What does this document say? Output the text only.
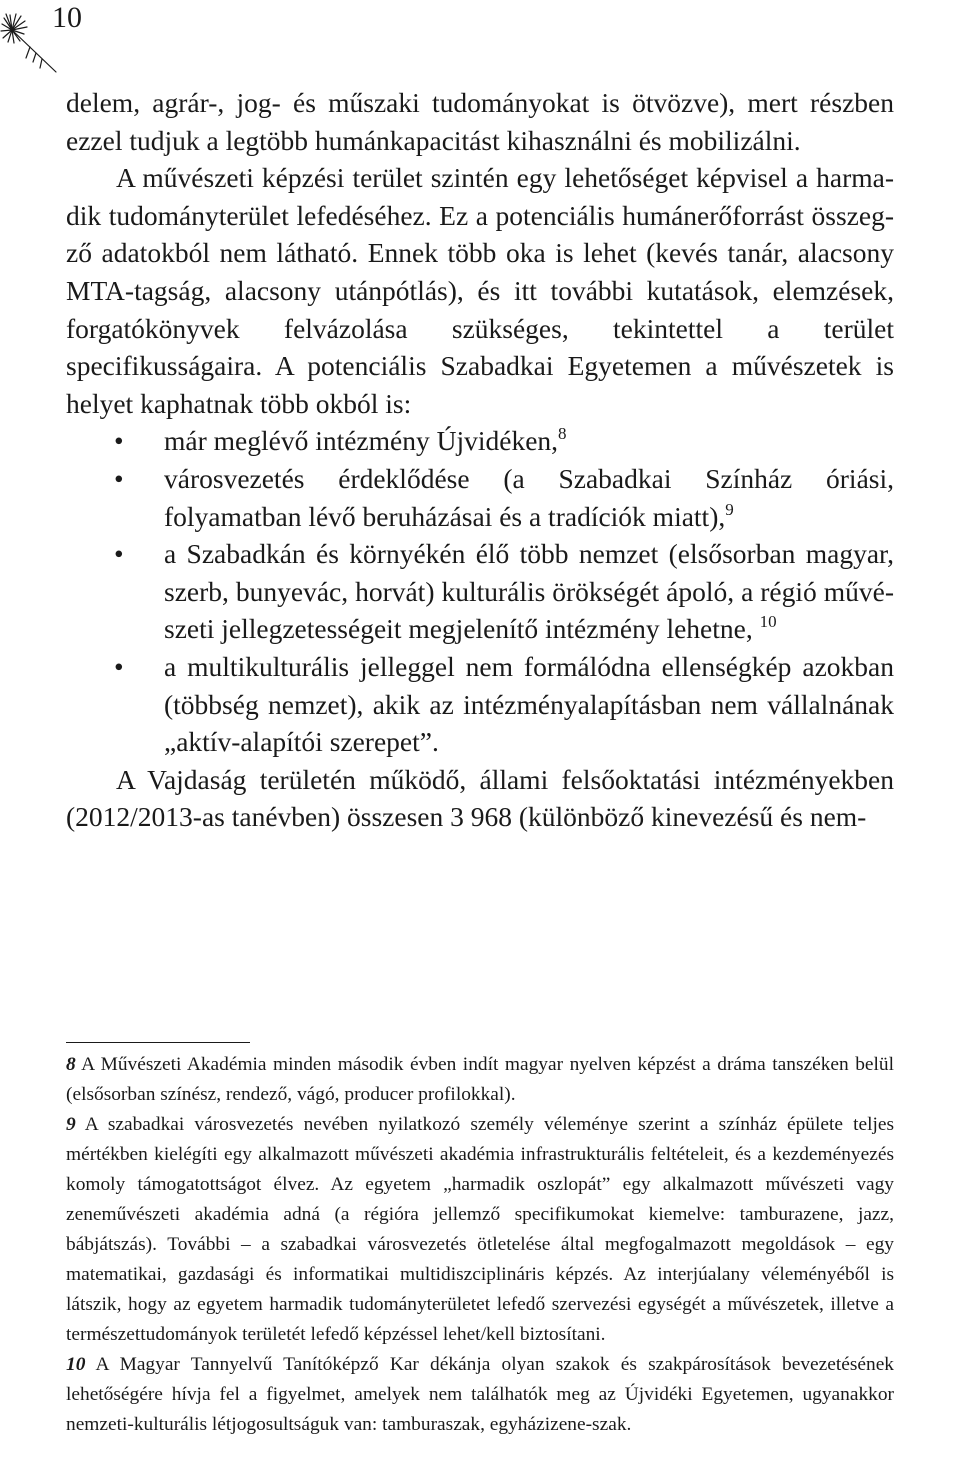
10

delem, agrár-, jog- és műszaki tudományokat is ötvözve), mert részben ezzel tudjuk a legtöbb humánkapacitást kihasználni és mobilizálni.

A művészeti képzési terület szintén egy lehetőséget képvisel a harmadik tudományterület lefedéséhez. Ez a potenciális humánerőforrást összegző adatokból nem látható. Ennek több oka is lehet (kevés tanár, alacsony MTA-tagság, alacsony utánpótlás), és itt további kutatások, elemzések, forgatókönyvek felvázolása szükséges, tekintettel a terület specifikusságaira. A potenciális Szabadkai Egyetemen a művészetek is helyet kaphatnak több okból is:

• már meglévő intézmény Újvidéken,$^8$
• városvezetés érdeklődése (a Szabadkai Színház óriási, folyamatban lévő beruházásai és a tradíciók miatt),$^9$
• a Szabadkán és környékén élő több nemzet (elsősorban magyar, szerb, bunyevác, horvát) kulturális örökségét ápoló, a régió művészeti jellegzetességeit megjelenítő intézmény lehetne, $^{10}$
• a multikulturális jelleggel nem formálódna ellenségkép azokban (többség nemzet), akik az intézményalapításban nem vállalnának „aktív-alapítói szerepet”.

A Vajdaság területén működő, állami felsőoktatási intézményekben (2012/2013-as tanévben) összesen 3 968 (különböző kinevezésű és nem-

8 A Művészeti Akadémia minden második évben indít magyar nyelven képzést a dráma tanszéken belül (elsősorban színész, rendező, vágó, producer profilokkal).

9 A szabadkai városvezetés nevében nyilatkozó személy véleménye szerint a színház épülete teljes mértékben kielégíti egy alkalmazott művészeti akadémia infrastrukturális feltételeit, és a kezdeményezés komoly támogatottságot élvez. Az egyetem „harmadik oszlopát” egy alkalmazott művészeti vagy zeneművészeti akadémia adná (a régióra jellemző specifikumokat kiemelve: tamburazene, jazz, bábjátszás). További – a szabadkai városvezetés ötletelése által megfogalmazott megoldások – egy matematikai, gazdasági és informatikai multidiszciplináris képzés. Az interjúalany véleményéből is látszik, hogy az egyetem harmadik tudományterületet lefedő szervezési egységét a művészetek, illetve a természettudományok területét lefedő képzéssel lehet/kell biztosítani.

10 A Magyar Tannyelvű Tanítóképző Kar dékánja olyan szakok és szakpárosítások bevezetésének lehetőségére hívja fel a figyelmet, amelyek nem találhatók meg az Újvidéki Egyetemen, ugyanakkor nemzeti-kulturális létjogosultságuk van: tamburaszak, egyházizene-szak.
